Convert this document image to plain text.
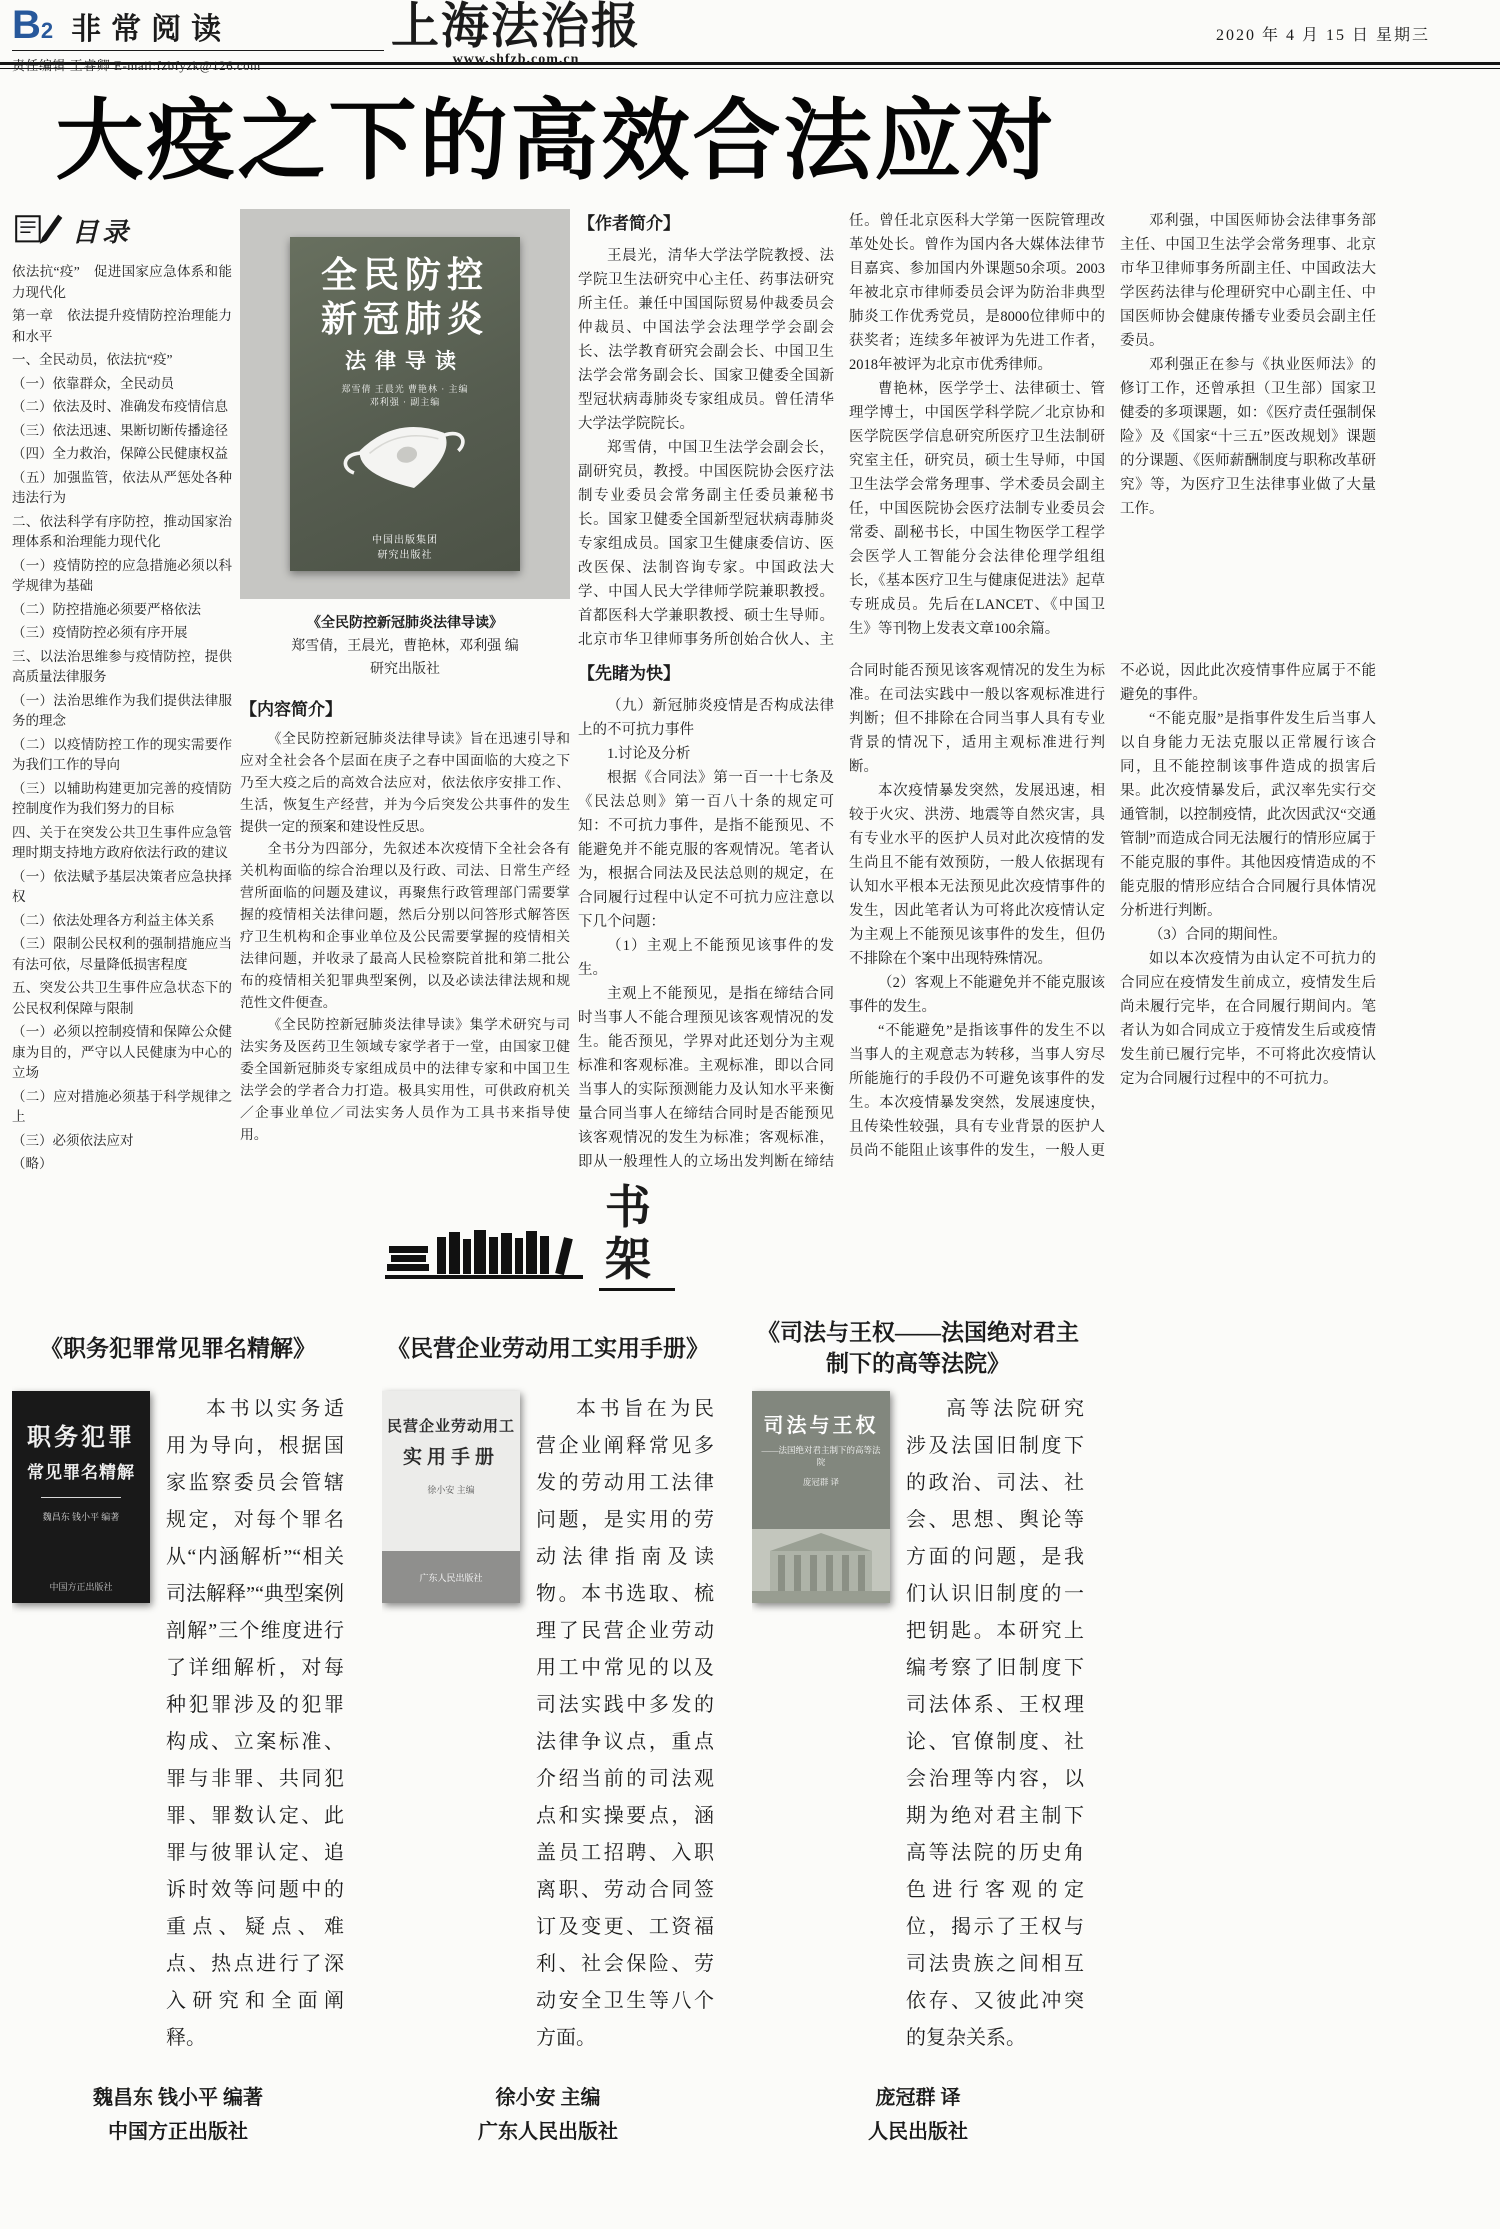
B2 非常阅读
责任编辑 王睿卿 E-mail:fzbfyzk@126.com
上海法治报
www.shfzb.com.cn
2020 年 4 月 15 日 星期三
大疫之下的高效合法应对
目录
依法抗“疫”　促进国家应急体系和能力现代化
第一章　依法提升疫情防控治理能力和水平
一、全民动员，依法抗“疫”
（一）依靠群众，全民动员
（二）依法及时、准确发布疫情信息
（三）依法迅速、果断切断传播途径
（四）全力救治，保障公民健康权益
（五）加强监管，依法从严惩处各种违法行为
二、依法科学有序防控，推动国家治理体系和治理能力现代化
（一）疫情防控的应急措施必须以科学规律为基础
（二）防控措施必须要严格依法
（三）疫情防控必须有序开展
三、以法治思维参与疫情防控，提供高质量法律服务
（一）法治思维作为我们提供法律服务的理念
（二）以疫情防控工作的现实需要作为我们工作的导向
（三）以辅助构建更加完善的疫情防控制度作为我们努力的目标
四、关于在突发公共卫生事件应急管理时期支持地方政府依法行政的建议
（一）依法赋予基层决策者应急抉择权
（二）依法处理各方利益主体关系
（三）限制公民权利的强制措施应当有法可依，尽量降低损害程度
五、突发公共卫生事件应急状态下的公民权利保障与限制
（一）必须以控制疫情和保障公众健康为目的，严守以人民健康为中心的立场
（二）应对措施必须基于科学规律之上
（三）必须依法应对
（略）
全民防控
新冠肺炎
法律导读
郑雪倩 王晨光 曹艳林 · 主编
邓利强 · 副主编
中国出版集团
研究出版社
《全民防控新冠肺炎法律导读》
郑雪倩，王晨光，曹艳林，邓利强 编
研究出版社
【内容简介】

《全民防控新冠肺炎法律导读》旨在迅速引导和应对全社会各个层面在庚子之春中国面临的大疫之下乃至大疫之后的高效合法应对，依法依序安排工作、生活，恢复生产经营，并为今后突发公共事件的发生提供一定的预案和建设性反思。

全书分为四部分，先叙述本次疫情下全社会各有关机构面临的综合治理以及行政、司法、日常生产经营所面临的问题及建议，再聚焦行政管理部门需要掌握的疫情相关法律问题，然后分别以问答形式解答医疗卫生机构和企事业单位及公民需要掌握的疫情相关法律问题，并收录了最高人民检察院首批和第二批公布的疫情相关犯罪典型案例，以及必读法律法规和规范性文件便查。

《全民防控新冠肺炎法律导读》集学术研究与司法实务及医药卫生领域专家学者于一堂，由国家卫健委全国新冠肺炎专家组成员中的法律专家和中国卫生法学会的学者合力打造。极具实用性，可供政府机关／企事业单位／司法实务人员作为工具书来指导使用。

【作者简介】

王晨光，清华大学法学院教授、法学院卫生法研究中心主任、药事法研究所主任。兼任中国国际贸易仲裁委员会仲裁员、中国法学会法理学学会副会长、法学教育研究会副会长、中国卫生法学会常务副会长、国家卫健委全国新型冠状病毒肺炎专家组成员。曾任清华大学法学院院长。

郑雪倩，中国卫生法学会副会长，副研究员，教授。中国医院协会医疗法制专业委员会常务副主任委员兼秘书长。国家卫健委全国新型冠状病毒肺炎专家组成员。国家卫生健康委信访、医改医保、法制咨询专家。中国政法大学、中国人民大学律师学院兼职教授。首都医科大学兼职教授、硕士生导师。北京市华卫律师事务所创始合伙人、主任。曾任北京医科大学第一医院管理改革处处长。曾作为国内各大媒体法律节目嘉宾、参加国内外课题50余项。2003年被北京市律师委员会评为防治非典型肺炎工作优秀党员，是8000位律师中的获奖者；连续多年被评为先进工作者，2018年被评为北京市优秀律师。

曹艳林，医学学士、法律硕士、管理学博士，中国医学科学院／北京协和医学院医学信息研究所医疗卫生法制研究室主任，研究员，硕士生导师，中国卫生法学会常务理事、学术委员会副主任，中国医院协会医疗法制专业委员会常委、副秘书长，中国生物医学工程学会医学人工智能分会法律伦理学组组长，《基本医疗卫生与健康促进法》起草专班成员。先后在LANCET、《中国卫生》等刊物上发表文章100余篇。

邓利强，中国医师协会法律事务部主任、中国卫生法学会常务理事、北京市华卫律师事务所副主任、中国政法大学医药法律与伦理研究中心副主任、中国医师协会健康传播专业委员会副主任委员。

邓利强正在参与《执业医师法》的修订工作，还曾承担（卫生部）国家卫健委的多项课题，如：《医疗责任强制保险》及《国家“十三五”医改规划》课题的分课题、《医师薪酬制度与职称改革研究》等，为医疗卫生法律事业做了大量工作。

【先睹为快】

（九）新冠肺炎疫情是否构成法律上的不可抗力事件

1.讨论及分析

根据《合同法》第一百一十七条及《民法总则》第一百八十条的规定可知：不可抗力事件，是指不能预见、不能避免并不能克服的客观情况。笔者认为，根据合同法及民法总则的规定，在合同履行过程中认定不可抗力应注意以下几个问题：

（1）主观上不能预见该事件的发生。

主观上不能预见，是指在缔结合同时当事人不能合理预见该客观情况的发生。能否预见，学界对此还划分为主观标准和客观标准。主观标准，即以合同当事人的实际预测能力及认知水平来衡量合同当事人在缔结合同时是否能预见该客观情况的发生为标准；客观标准，即从一般理性人的立场出发判断在缔结合同时能否预见该客观情况的发生为标准。在司法实践中一般以客观标准进行判断；但不排除在合同当事人具有专业背景的情况下，适用主观标准进行判断。

本次疫情暴发突然，发展迅速，相较于火灾、洪涝、地震等自然灾害，具有专业水平的医护人员对此次疫情的发生尚且不能有效预防，一般人依据现有认知水平根本无法预见此次疫情事件的发生，因此笔者认为可将此次疫情认定为主观上不能预见该事件的发生，但仍不排除在个案中出现特殊情况。

（2）客观上不能避免并不能克服该事件的发生。

“不能避免”是指该事件的发生不以当事人的主观意志为转移，当事人穷尽所能施行的手段仍不可避免该事件的发生。本次疫情暴发突然，发展速度快，且传染性较强，具有专业背景的医护人员尚不能阻止该事件的发生，一般人更不必说，因此此次疫情事件应属于不能避免的事件。

“不能克服”是指事件发生后当事人以自身能力无法克服以正常履行该合同，且不能控制该事件造成的损害后果。此次疫情暴发后，武汉率先实行交通管制，以控制疫情，此次因武汉“交通管制”而造成合同无法履行的情形应属于不能克服的事件。其他因疫情造成的不能克服的情形应结合合同履行具体情况分析进行判断。

（3）合同的期间性。

如以本次疫情为由认定不可抗力的合同应在疫情发生前成立，疫情发生后尚未履行完毕，在合同履行期间内。笔者认为如合同成立于疫情发生后或疫情发生前已履行完毕，不可将此次疫情认定为合同履行过程中的不可抗力。

书架
《职务犯罪常见罪名精解》
职务犯罪
常见罪名精解
魏昌东 钱小平 编著
中国方正出版社
本书以实务适用为导向，根据国家监察委员会管辖规定，对每个罪名从“内涵解析”“相关司法解释”“典型案例剖解”三个维度进行了详细解析，对每种犯罪涉及的犯罪构成、立案标准、罪与非罪、共同犯罪、罪数认定、此罪与彼罪认定、追诉时效等问题中的重点、疑点、难点、热点进行了深入研究和全面阐释。
魏昌东 钱小平 编著
中国方正出版社
《民营企业劳动用工实用手册》
民营企业劳动用工
实用手册
徐小安 主编
广东人民出版社
本书旨在为民营企业阐释常见多发的劳动用工法律问题，是实用的劳动法律指南及读物。本书选取、梳理了民营企业劳动用工中常见的以及司法实践中多发的法律争议点，重点介绍当前的司法观点和实操要点，涵盖员工招聘、入职离职、劳动合同签订及变更、工资福利、社会保险、劳动安全卫生等八个方面。
徐小安 主编
广东人民出版社
《司法与王权——法国绝对君主制下的高等法院》
司法与王权
——法国绝对君主制下的高等法院
庞冠群 译
高等法院研究涉及法国旧制度下的政治、司法、社会、思想、舆论等方面的问题，是我们认识旧制度的一把钥匙。本研究上编考察了旧制度下司法体系、王权理论、官僚制度、社会治理等内容，以期为绝对君主制下高等法院的历史角色进行客观的定位，揭示了王权与司法贵族之间相互依存、又彼此冲突的复杂关系。
庞冠群 译
人民出版社
